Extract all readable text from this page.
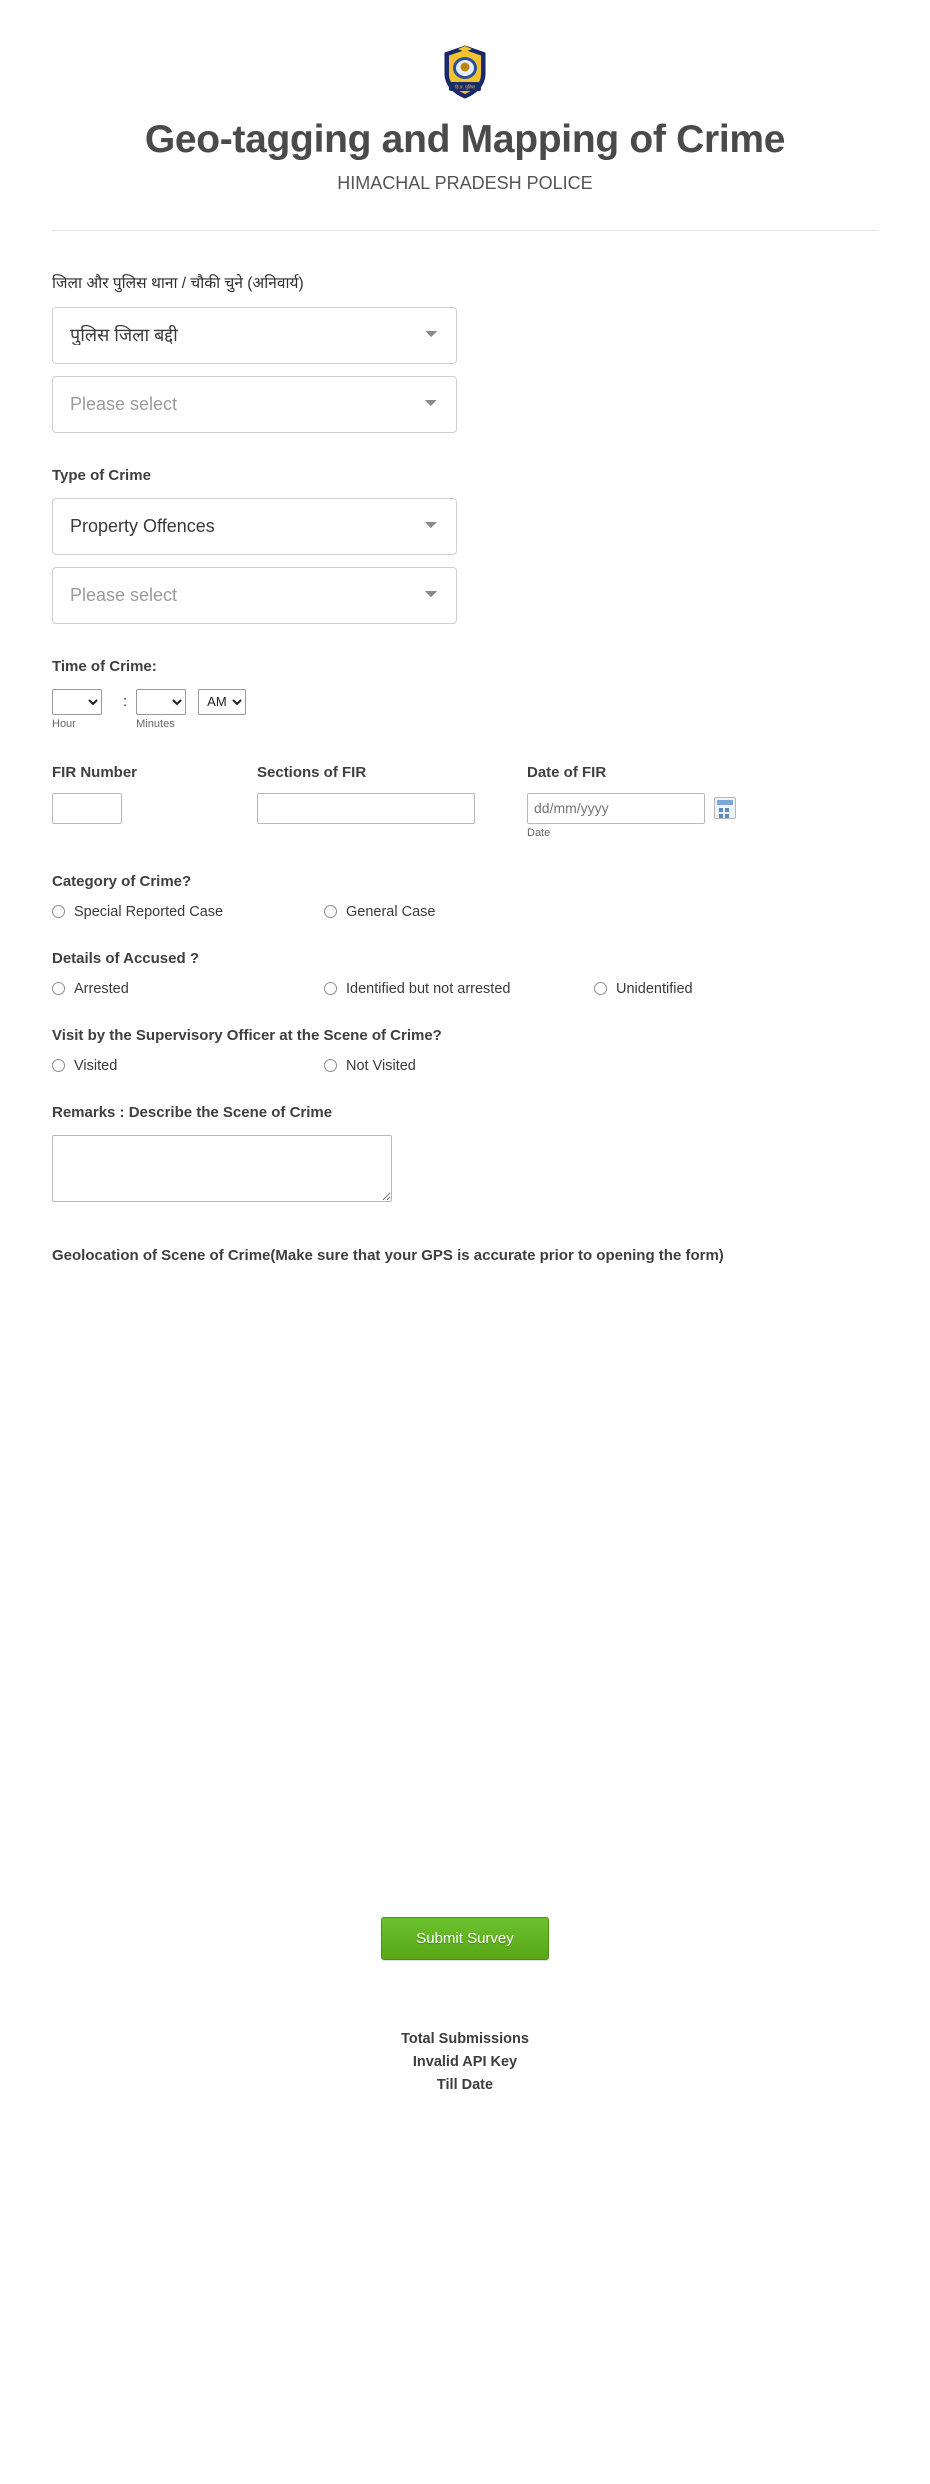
हि.प्र. पुलिस
Geo-tagging and Mapping of Crime
HIMACHAL PRADESH POLICE
जिला और पुलिस थाना / चौकी चुने (अनिवार्य)
पुलिस जिला बद्दी
Please select
Type of Crime
Property Offences
Please select
Time of Crime:
Hour
:
Minutes
AM
FIR Number	Sections of FIR	Date of FIR
dd/mm/yyyy
Date
Category of Crime?
Special Reported Case	General Case
Details of Accused ?
Arrested	Identified but not arrested	Unidentified
Visit by the Supervisory Officer at the Scene of Crime?
Visited	Not Visited
Remarks : Describe the Scene of Crime
Geolocation of Scene of Crime(Make sure that your GPS is accurate prior to opening the form)
Submit Survey
Total Submissions
Invalid API Key
Till Date
